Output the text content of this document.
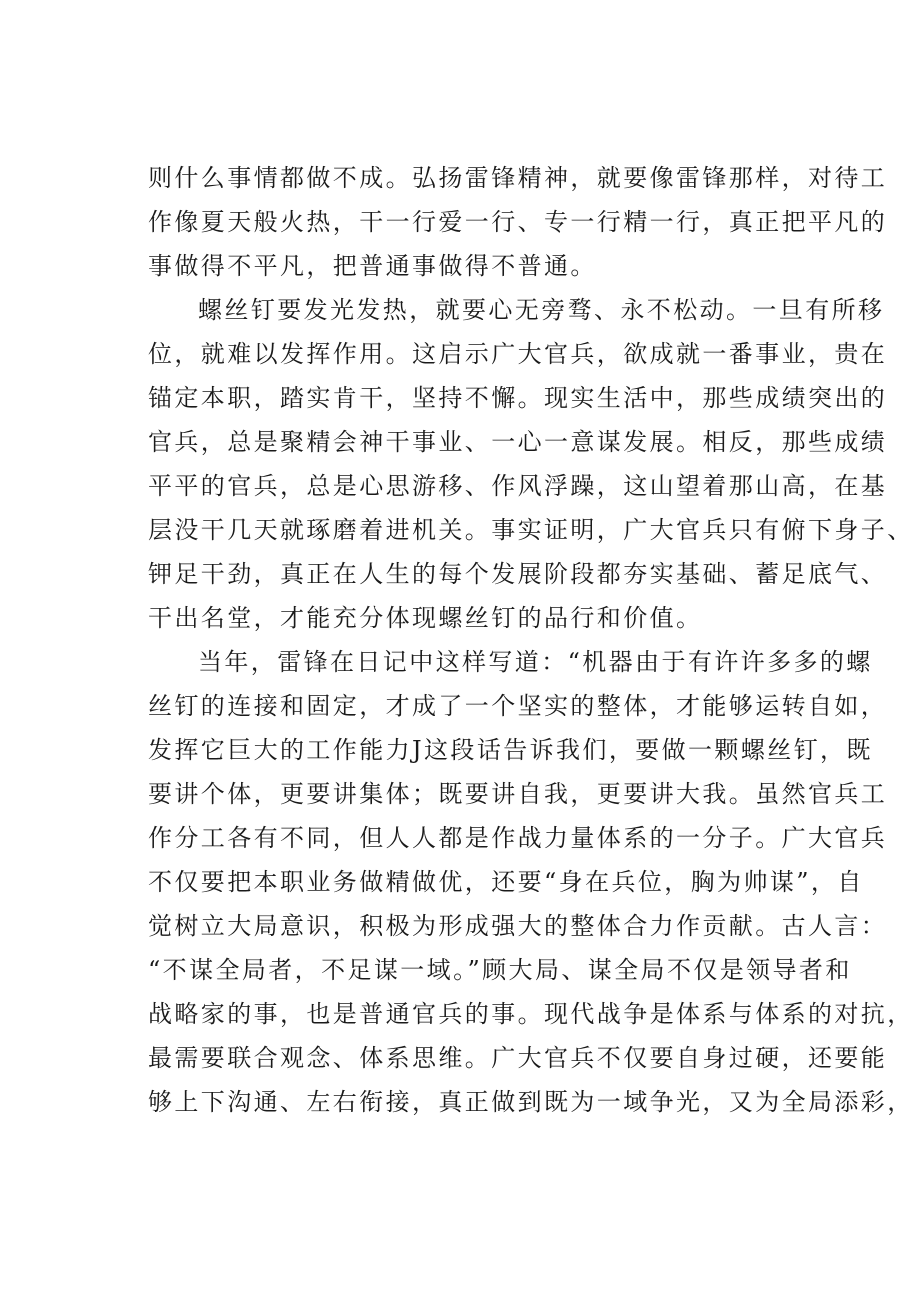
则什么事情都做不成。弘扬雷锋精神，就要像雷锋那样，对待工
作像夏天般火热，干一行爱一行、专一行精一行，真正把平凡的
事做得不平凡，把普通事做得不普通。
螺丝钉要发光发热，就要心无旁骛、永不松动。一旦有所移
位，就难以发挥作用。这启示广大官兵，欲成就一番事业，贵在
锚定本职，踏实肯干，坚持不懈。现实生活中，那些成绩突出的
官兵，总是聚精会神干事业、一心一意谋发展。相反，那些成绩
平平的官兵，总是心思游移、作风浮躁，这山望着那山高，在基
层没干几天就琢磨着进机关。事实证明，广大官兵只有俯下身子、
钾足干劲，真正在人生的每个发展阶段都夯实基础、蓄足底气、
干出名堂，才能充分体现螺丝钉的品行和价值。
当年，雷锋在日记中这样写道：“机器由于有许许多多的螺
丝钉的连接和固定，才成了一个坚实的整体，才能够运转自如，
发挥它巨大的工作能力J这段话告诉我们，要做一颗螺丝钉，既
要讲个体，更要讲集体；既要讲自我，更要讲大我。虽然官兵工
作分工各有不同，但人人都是作战力量体系的一分子。广大官兵
不仅要把本职业务做精做优，还要“身在兵位，胸为帅谋”，自
觉树立大局意识，积极为形成强大的整体合力作贡献。古人言：
“不谋全局者，不足谋一域。”顾大局、谋全局不仅是领导者和
战略家的事，也是普通官兵的事。现代战争是体系与体系的对抗，
最需要联合观念、体系思维。广大官兵不仅要自身过硬，还要能
够上下沟通、左右衔接，真正做到既为一域争光，又为全局添彩，
